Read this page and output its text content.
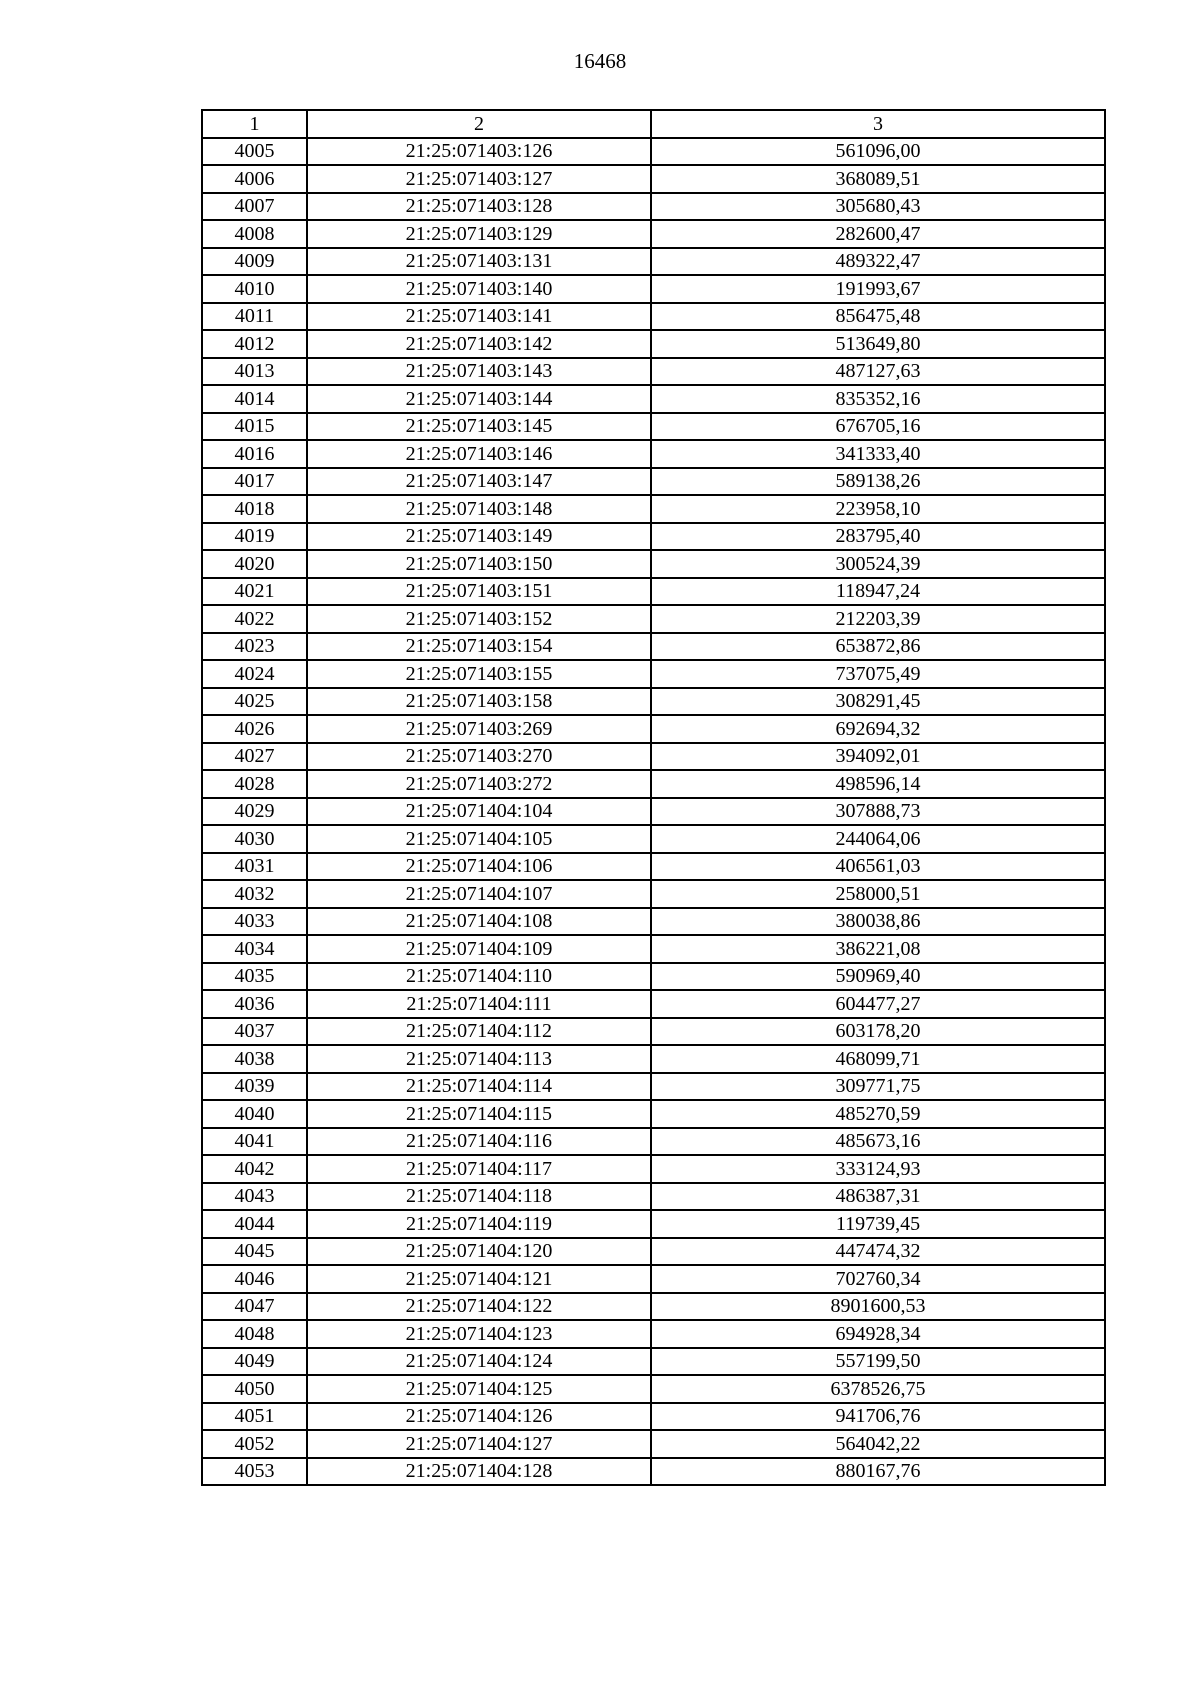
16468
1	2	3
4005	21:25:071403:126	561096,00
4006	21:25:071403:127	368089,51
4007	21:25:071403:128	305680,43
4008	21:25:071403:129	282600,47
4009	21:25:071403:131	489322,47
4010	21:25:071403:140	191993,67
4011	21:25:071403:141	856475,48
4012	21:25:071403:142	513649,80
4013	21:25:071403:143	487127,63
4014	21:25:071403:144	835352,16
4015	21:25:071403:145	676705,16
4016	21:25:071403:146	341333,40
4017	21:25:071403:147	589138,26
4018	21:25:071403:148	223958,10
4019	21:25:071403:149	283795,40
4020	21:25:071403:150	300524,39
4021	21:25:071403:151	118947,24
4022	21:25:071403:152	212203,39
4023	21:25:071403:154	653872,86
4024	21:25:071403:155	737075,49
4025	21:25:071403:158	308291,45
4026	21:25:071403:269	692694,32
4027	21:25:071403:270	394092,01
4028	21:25:071403:272	498596,14
4029	21:25:071404:104	307888,73
4030	21:25:071404:105	244064,06
4031	21:25:071404:106	406561,03
4032	21:25:071404:107	258000,51
4033	21:25:071404:108	380038,86
4034	21:25:071404:109	386221,08
4035	21:25:071404:110	590969,40
4036	21:25:071404:111	604477,27
4037	21:25:071404:112	603178,20
4038	21:25:071404:113	468099,71
4039	21:25:071404:114	309771,75
4040	21:25:071404:115	485270,59
4041	21:25:071404:116	485673,16
4042	21:25:071404:117	333124,93
4043	21:25:071404:118	486387,31
4044	21:25:071404:119	119739,45
4045	21:25:071404:120	447474,32
4046	21:25:071404:121	702760,34
4047	21:25:071404:122	8901600,53
4048	21:25:071404:123	694928,34
4049	21:25:071404:124	557199,50
4050	21:25:071404:125	6378526,75
4051	21:25:071404:126	941706,76
4052	21:25:071404:127	564042,22
4053	21:25:071404:128	880167,76
